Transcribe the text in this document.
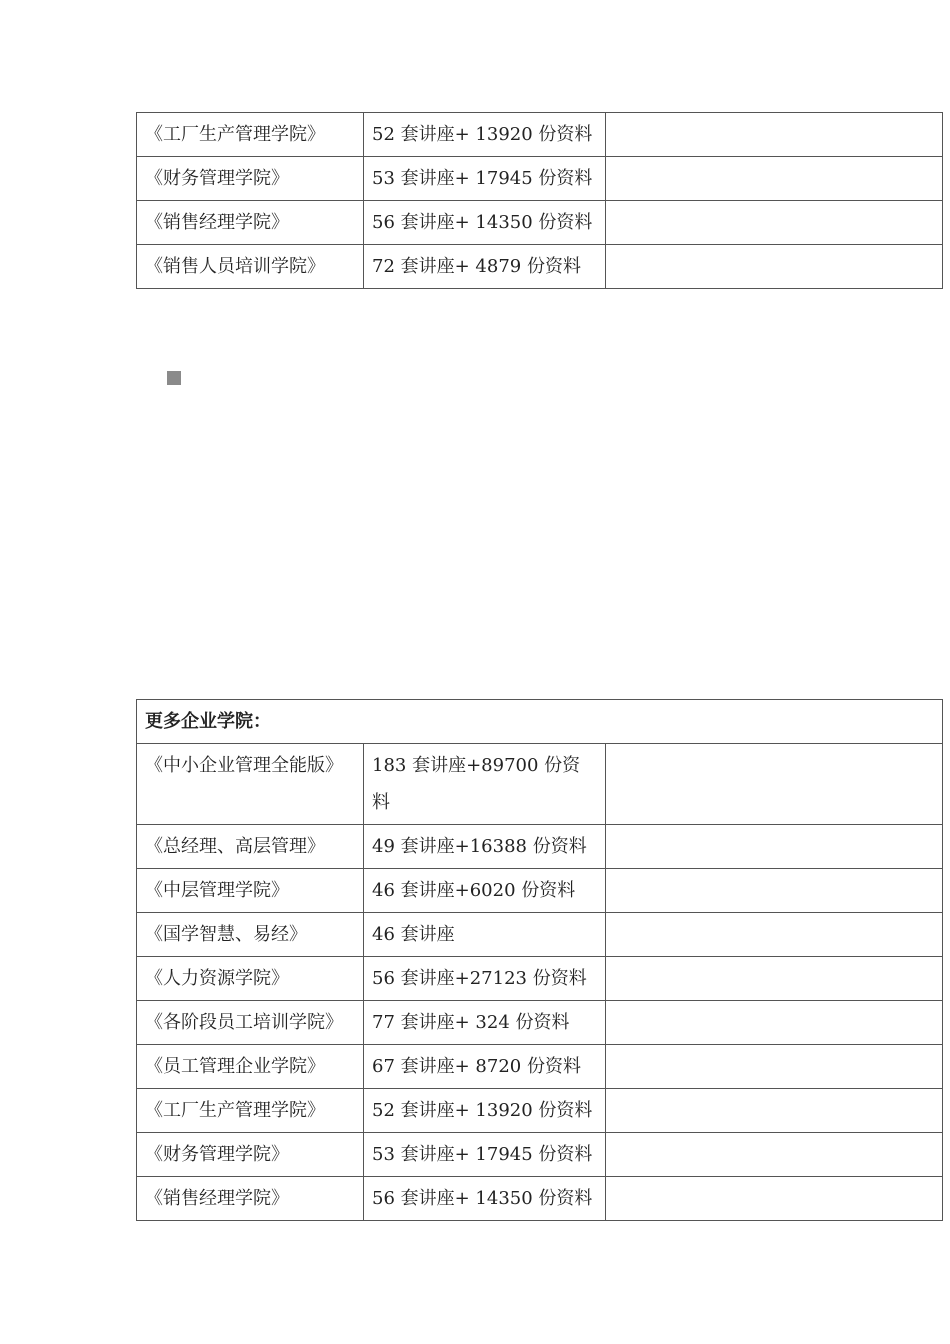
《工厂生产管理学院》	52 套讲座+ 13920 份资料	
《财务管理学院》	53 套讲座+ 17945 份资料	
《销售经理学院》	56 套讲座+ 14350 份资料	
《销售人员培训学院》	72 套讲座+ 4879 份资料	
更多企业学院：		
《中小企业管理全能版》	183 套讲座+89700 份资料	
《总经理、高层管理》	49 套讲座+16388 份资料	
《中层管理学院》	46 套讲座+6020 份资料	
《国学智慧、易经》	46 套讲座	
《人力资源学院》	56 套讲座+27123 份资料	
《各阶段员工培训学院》	77 套讲座+ 324 份资料	
《员工管理企业学院》	67 套讲座+ 8720 份资料	
《工厂生产管理学院》	52 套讲座+ 13920 份资料	
《财务管理学院》	53 套讲座+ 17945 份资料	
《销售经理学院》	56 套讲座+ 14350 份资料	
